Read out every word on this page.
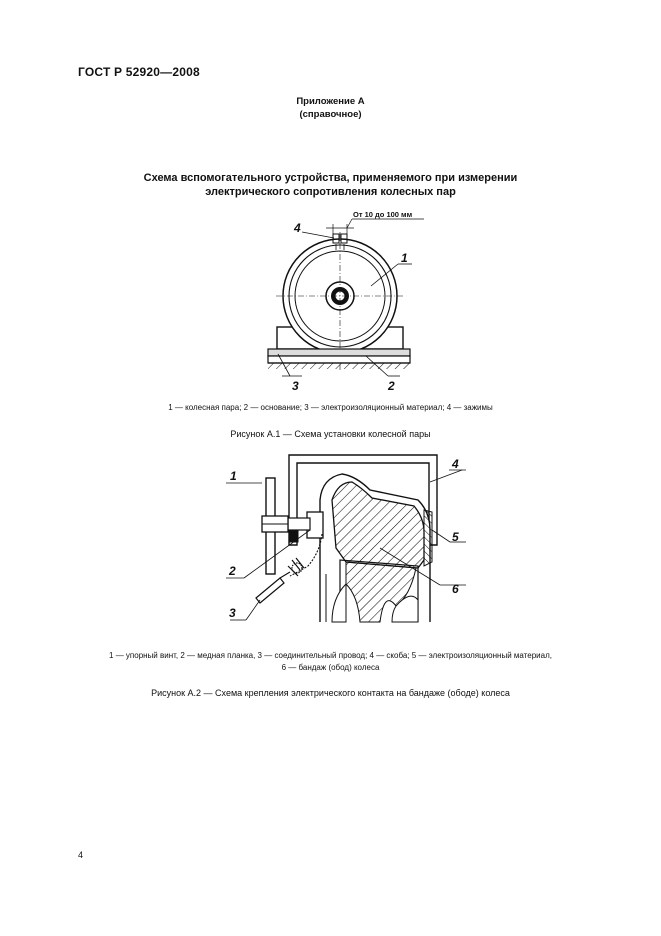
ГОСТ Р 52920—2008
Приложение А
(справочное)
Схема вспомогательного устройства, применяемого при измерении
электрического сопротивления колесных пар
От 10 до 100 мм
4
1
2
3
1 — колесная пара; 2 — основание; 3 — электроизоляционный материал; 4 — зажимы
Рисунок А.1 — Схема установки колесной пары
1
2
3
4
5
6
1 — упорный винт, 2 — медная планка, 3 — соединительный провод; 4 — скоба; 5 — электроизоляционный материал,
6 — бандаж (обод) колеса
Рисунок А.2 — Схема крепления электрического контакта на бандаже (ободе) колеса
4
